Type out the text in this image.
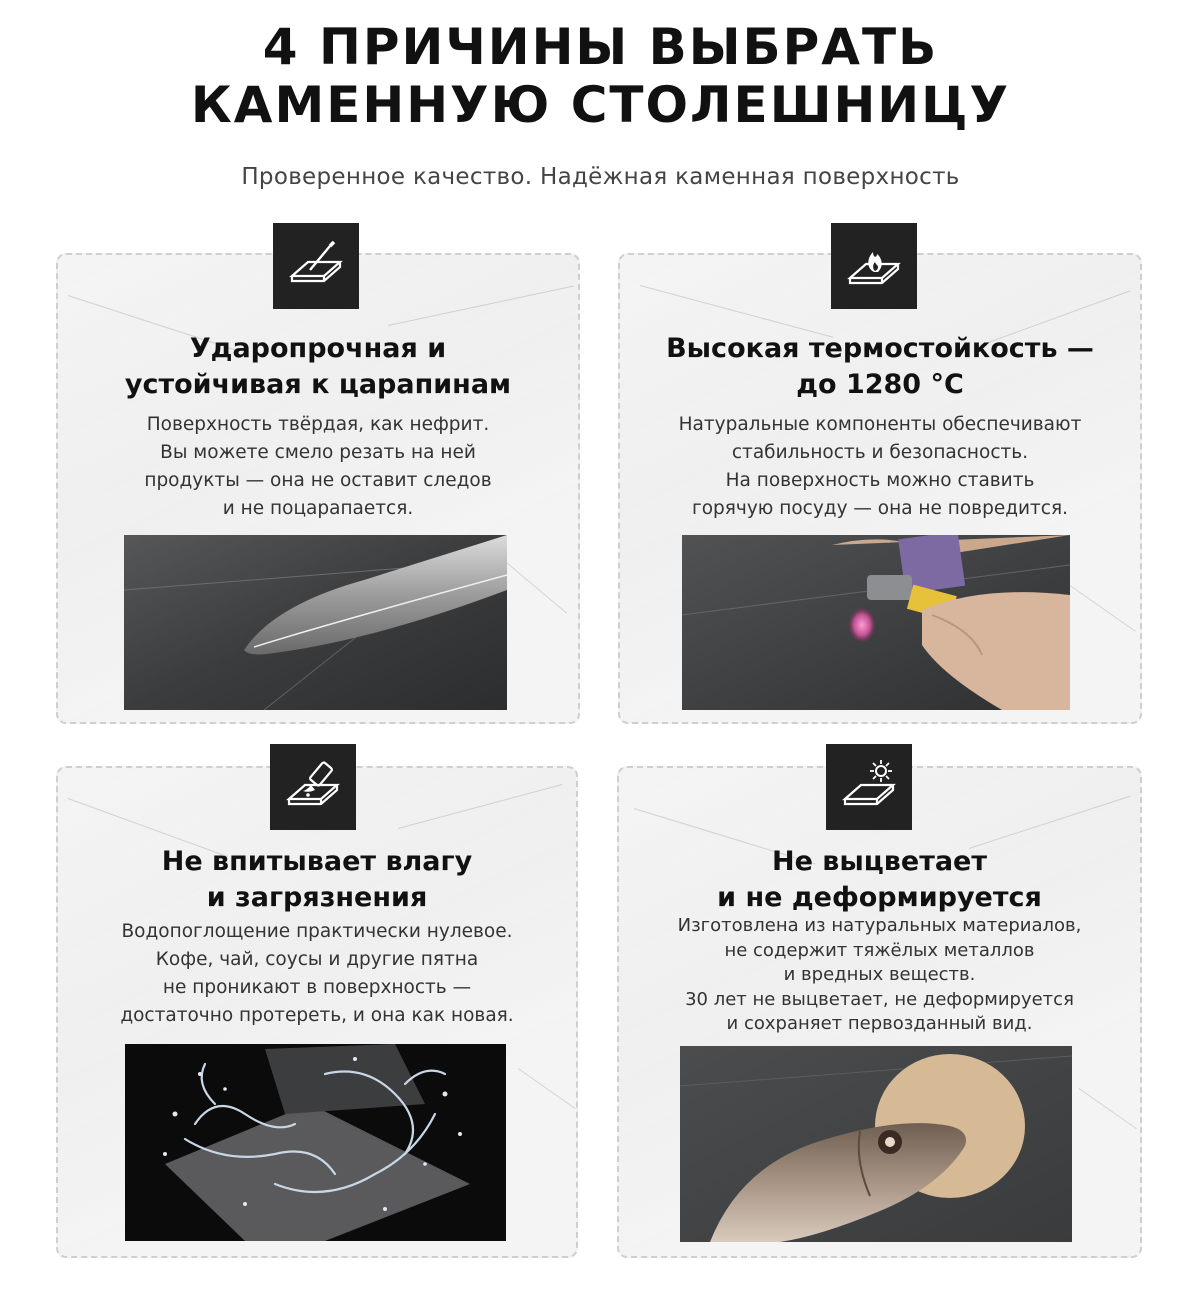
4 ПРИЧИНЫ ВЫБРАТЬ
КАМЕННУЮ СТОЛЕШНИЦУ
Проверенное качество. Надёжная каменная поверхность
Ударопрочная и
устойчивая к царапинам
Поверхность твёрдая, как нефрит.
Вы можете смело резать на ней
продукты — она не оставит следов
и не поцарапается.
Высокая термостойкость —
до 1280 °C
Натуральные компоненты обеспечивают
стабильность и безопасность.
На поверхность можно ставить
горячую посуду — она не повредится.
Не впитывает влагу
и загрязнения
Водопоглощение практически нулевое.
Кофе, чай, соусы и другие пятна
не проникают в поверхность —
достаточно протереть, и она как новая.
Не выцветает
и не деформируется
Изготовлена из натуральных материалов,
не содержит тяжёлых металлов
и вредных веществ.
30 лет не выцветает, не деформируется
и сохраняет первозданный вид.
